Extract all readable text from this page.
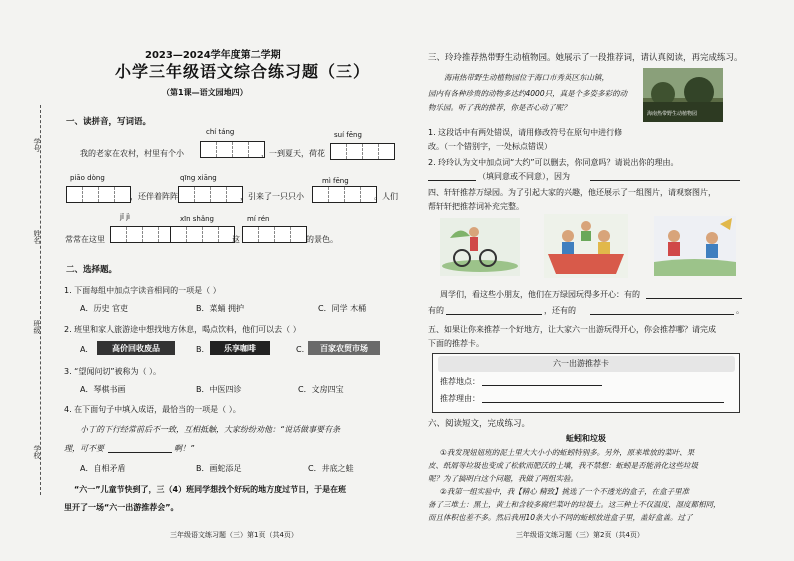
学号
姓名
班级
学校
2023—2024学年度第二学期
小学三年级语文综合练习题（三）
（第1课—语文园地四）
一、读拼音，写词语。
chí táng	suí fēng
我的老家在农村，村里有个小	，一到夏天，荷花
piāo dòng	qīng xiāng	mì fēng
，还伴着阵阵	，引来了一只只小	。人们
jǐ jì	xīn shǎng	mí rén
常常在这里	这	的景色。
二、选择题。
1. 下面每组中加点字读音相同的一项是（ ）
A．历史 官吏	B．菜蛹 拥护	C．同学 木桶
2. 班里和家人旅游途中想找地方休息，喝点饮料，他们可以去（ ）
A.	高价回收废品	B.	乐享咖啡	C.	百家农贸市场
3. “望闻问切”被称为（ ）。
A．琴棋书画	B．中医四诊	C．文房四宝
4. 在下面句子中填入成语，最恰当的一项是（ ）。
小丁的下行经常前后不一致，互相抵触，大家纷纷劝他：“说话做事要有条
理，可不要	啊！”
A．自相矛盾	B．画蛇添足	C．井底之蛙
“六一”儿童节快到了，三（4）班同学想找个好玩的地方度过节日，于是在班
里开了一场“六一出游推荐会”。
三年级语文练习题（三）第1页（共4页）
三、玲玲推荐热带野生动植物园。她展示了一段推荐词，请认真阅读，再完成练习。
海南热带野生动植物园位于海口市秀英区东山镇，
园内有各种珍贵的动物多达约4000只，真是个多姿多彩的动
物乐园。听了我的推荐，你是否心动了呢？
海南热带野生动植物园
1. 这段话中有两处错误，请用修改符号在原句中进行修
改。（一个错别字，一处标点错误）
2. 玲玲认为文中加点词“大约”可以删去，你同意吗？请说出你的理由。
（填同意或不同意），因为
四、轩轩推荐万绿园。为了引起大家的兴趣，他还展示了一组图片，请观察图片，
帮轩轩把推荐词补充完整。
周学们，看这些小朋友，他们在万绿园玩得多开心：有的
有的	，还有的	。
五、如果让你来推荐一个好地方，让大家六一出游玩得开心，你会推荐哪？请完成
下面的推荐卡。
六一出游推荐卡
推荐地点：
推荐理由：
六、阅读短文，完成练习。
蚯蚓和垃圾
①我发现妞妞班的泥土里大大小小的蚯蚓特别多。另外，原来堆放的菜叶、果
皮、纸屑等垃圾也变成了松软而肥沃的土壤，我不禁想：蚯蚓是否能消化这些垃圾
呢？为了搞明白这个问题，我做了两组实验。
②我第一组实验中，我【精心 精致】挑选了一个不透光的盒子，在盒子里准
备了三堆土：黑土，黄土和含较多腐烂菜叶的垃圾土。这三种土不仅温度、湿度都相同，
而且体积也差不多。然后我用10条大小不同的蚯蚓放进盒子里，盖好盒盖。过了
三年级语文练习题（三）第2页（共4页）
